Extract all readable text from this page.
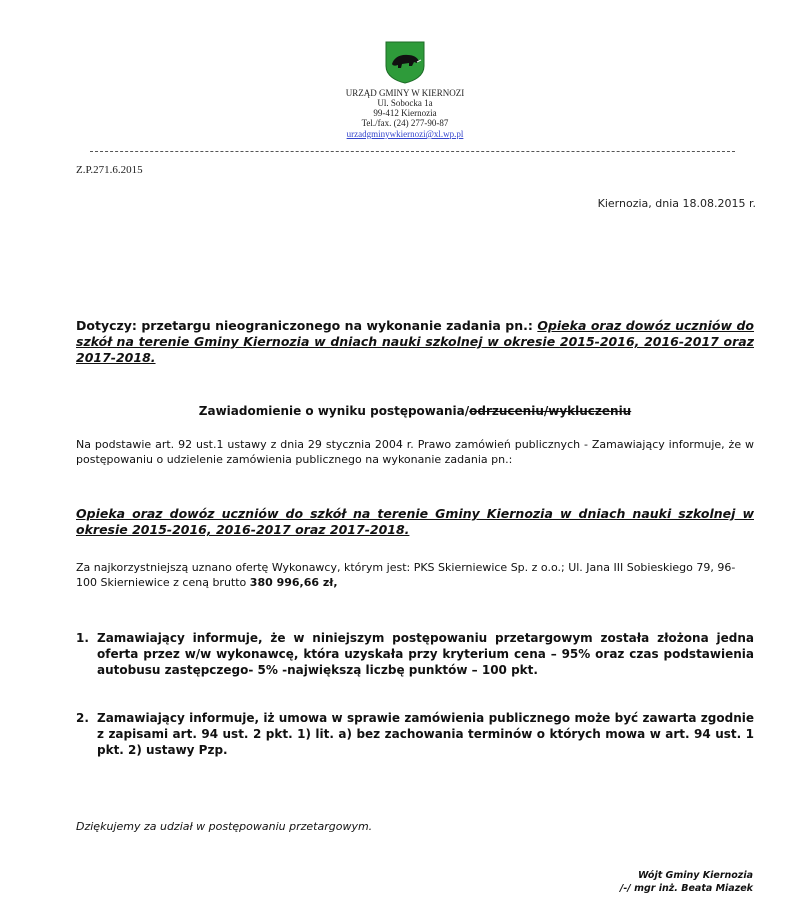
URZĄD GMINY W KIERNOZI
Ul. Sobocka 1a
99-412 Kiernozia
Tel./fax. (24) 277-90-87
urzadgminywkiernozi@xl.wp.pl
Z.P.271.6.2015
Kiernozia, dnia 18.08.2015 r.
Dotyczy: przetargu nieograniczonego na wykonanie zadania pn.: Opieka oraz dowóz uczniów do szkół na terenie Gminy Kiernozia w dniach nauki szkolnej w okresie 2015-2016, 2016-2017 oraz 2017-2018.
Zawiadomienie o wyniku postępowania/odrzuceniu/wykluczeniu
Na podstawie art. 92 ust.1 ustawy z dnia 29 stycznia 2004 r. Prawo zamówień publicznych - Zamawiający informuje, że w postępowaniu o udzielenie zamówienia publicznego na wykonanie zadania pn.:
Opieka oraz dowóz uczniów do szkół na terenie Gminy Kiernozia w dniach nauki szkolnej w okresie 2015-2016, 2016-2017 oraz 2017-2018.
Za najkorzystniejszą uznano ofertę Wykonawcy, którym jest: PKS Skierniewice Sp. z o.o.; Ul. Jana III Sobieskiego 79, 96-100 Skierniewice z ceną brutto 380 996,66 zł,
1. Zamawiający informuje, że w niniejszym postępowaniu przetargowym została złożona jedna oferta przez w/w wykonawcę, która uzyskała przy kryterium cena – 95% oraz czas podstawienia autobusu zastępczego- 5% -największą liczbę punktów – 100 pkt.
2. Zamawiający informuje, iż umowa w sprawie zamówienia publicznego może być zawarta zgodnie z zapisami art. 94 ust. 2 pkt. 1) lit. a) bez zachowania terminów o których mowa w art. 94 ust. 1 pkt. 2) ustawy Pzp.
Dziękujemy za udział w postępowaniu przetargowym.
Wójt Gminy Kiernozia
/-/ mgr inż. Beata Miazek
